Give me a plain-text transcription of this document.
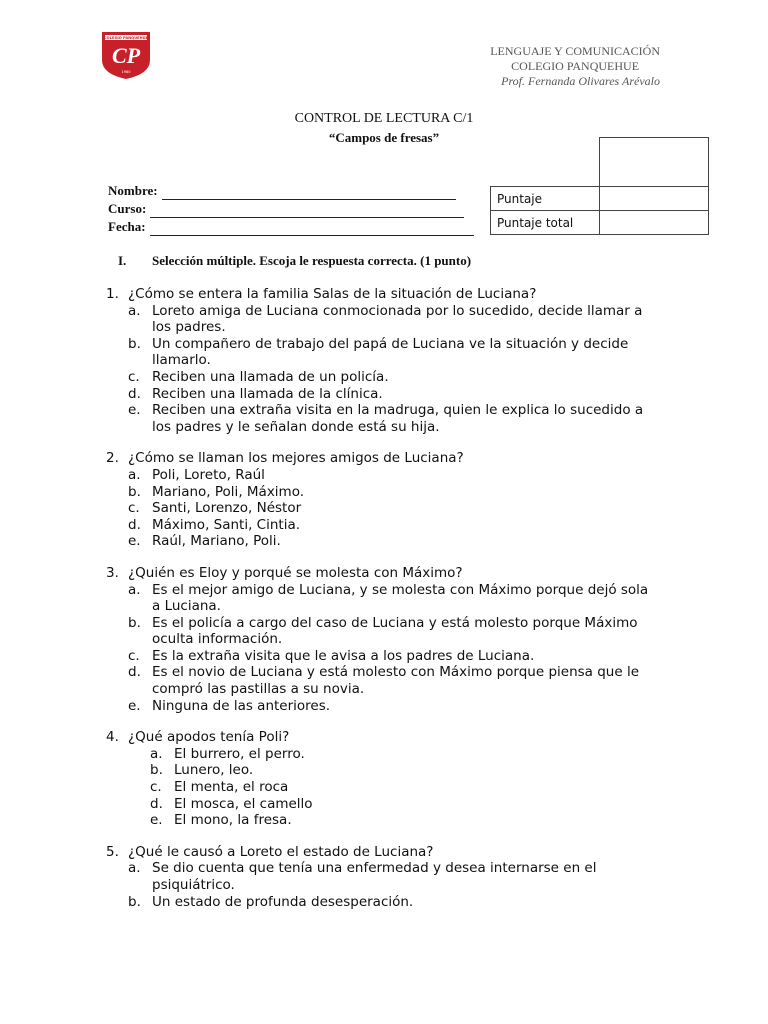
COLEGIO PANQUEHUE
CP
1980
LENGUAJE Y COMUNICACIÓN
COLEGIO PANQUEHUE
Prof. Fernanda Olivares Arévalo
CONTROL DE LECTURA C/1
“Campos de fresas”
Nombre:
Curso:
Fecha:

Puntaje	
Puntaje total	
I.	Selección múltiple. Escoja le respuesta correcta. (1 punto)
1. ¿Cómo se entera la familia Salas de la situación de Luciana?
a. Loreto amiga de Luciana conmocionada por lo sucedido, decide llamar a
los padres.
b. Un compañero de trabajo del papá de Luciana ve la situación y decide
llamarlo.
c. Reciben una llamada de un policía.
d. Reciben una llamada de la clínica.
e. Reciben una extraña visita en la madruga, quien le explica lo sucedido a
los padres y le señalan donde está su hija.
2. ¿Cómo se llaman los mejores amigos de Luciana?
a. Poli, Loreto, Raúl
b. Mariano, Poli, Máximo.
c. Santi, Lorenzo, Néstor
d. Máximo, Santi, Cintia.
e. Raúl, Mariano, Poli.
3. ¿Quién es Eloy y porqué se molesta con Máximo?
a. Es el mejor amigo de Luciana, y se molesta con Máximo porque dejó sola
a Luciana.
b. Es el policía a cargo del caso de Luciana y está molesto porque Máximo
oculta información.
c. Es la extraña visita que le avisa a los padres de Luciana.
d. Es el novio de Luciana y está molesto con Máximo porque piensa que le
compró las pastillas a su novia.
e. Ninguna de las anteriores.
4. ¿Qué apodos tenía Poli?
a. El burrero, el perro.
b. Lunero, leo.
c. El menta, el roca
d. El mosca, el camello
e. El mono, la fresa.
5. ¿Qué le causó a Loreto el estado de Luciana?
a. Se dio cuenta que tenía una enfermedad y desea internarse en el
psiquiátrico.
b. Un estado de profunda desesperación.
